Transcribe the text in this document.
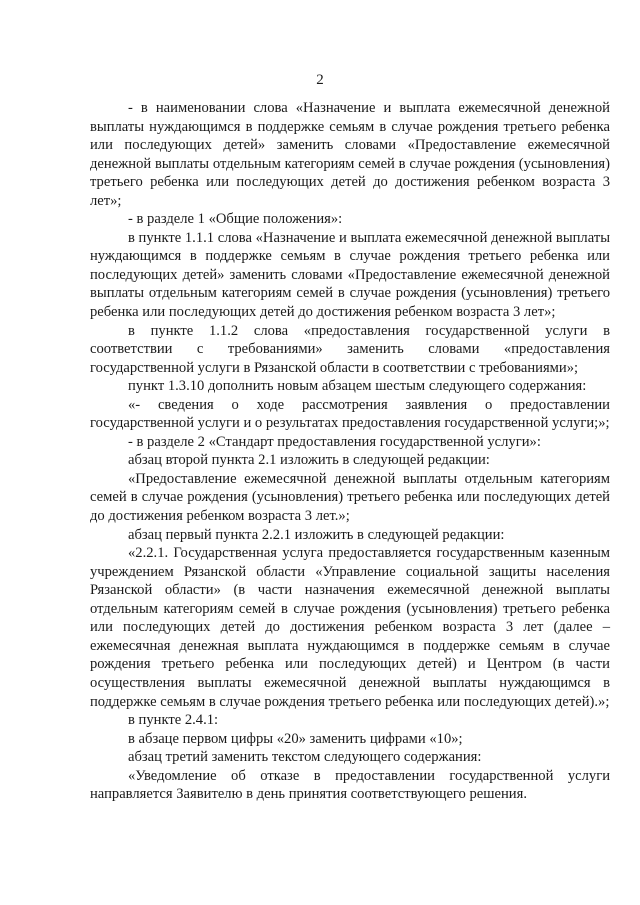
2

- в наименовании слова «Назначение и выплата ежемесячной денежной выплаты нуждающимся в поддержке семьям в случае рождения третьего ребенка или последующих детей» заменить словами «Предоставление ежемесячной денежной выплаты отдельным категориям семей в случае рождения (усыновления) третьего ребенка или последующих детей до достижения ребенком возраста 3 лет»;

- в разделе 1 «Общие положения»:

в пункте 1.1.1 слова «Назначение и выплата ежемесячной денежной выплаты нуждающимся в поддержке семьям в случае рождения третьего ребенка или последующих детей» заменить словами «Предоставление ежемесячной денежной выплаты отдельным категориям семей в случае рождения (усыновления) третьего ребенка или последующих детей до достижения ребенком возраста 3 лет»;

в пункте 1.1.2 слова «предоставления государственной услуги в соответствии с требованиями» заменить словами «предоставления государственной услуги в Рязанской области в соответствии с требованиями»;

пункт 1.3.10 дополнить новым абзацем шестым следующего содержания:

«- сведения о ходе рассмотрения заявления о предоставлении государственной услуги и о результатах предоставления государственной услуги;»;

- в разделе 2 «Стандарт предоставления государственной услуги»:

абзац второй пункта 2.1 изложить в следующей редакции:

«Предоставление ежемесячной денежной выплаты отдельным категориям семей в случае рождения (усыновления) третьего ребенка или последующих детей до достижения ребенком возраста 3 лет.»;

абзац первый пункта 2.2.1 изложить в следующей редакции:

«2.2.1. Государственная услуга предоставляется государственным казенным учреждением Рязанской области «Управление социальной защиты населения Рязанской области» (в части назначения ежемесячной денежной выплаты отдельным категориям семей в случае рождения (усыновления) третьего ребенка или последующих детей до достижения ребенком возраста 3 лет (далее – ежемесячная денежная выплата нуждающимся в поддержке семьям в случае рождения третьего ребенка или последующих детей) и Центром (в части осуществления выплаты ежемесячной денежной выплаты нуждающимся в поддержке семьям в случае рождения третьего ребенка или последующих детей).»;

в пункте 2.4.1:

в абзаце первом цифры «20» заменить цифрами «10»;

абзац третий заменить текстом следующего содержания:

«Уведомление об отказе в предоставлении государственной услуги направляется Заявителю в день принятия соответствующего решения.
